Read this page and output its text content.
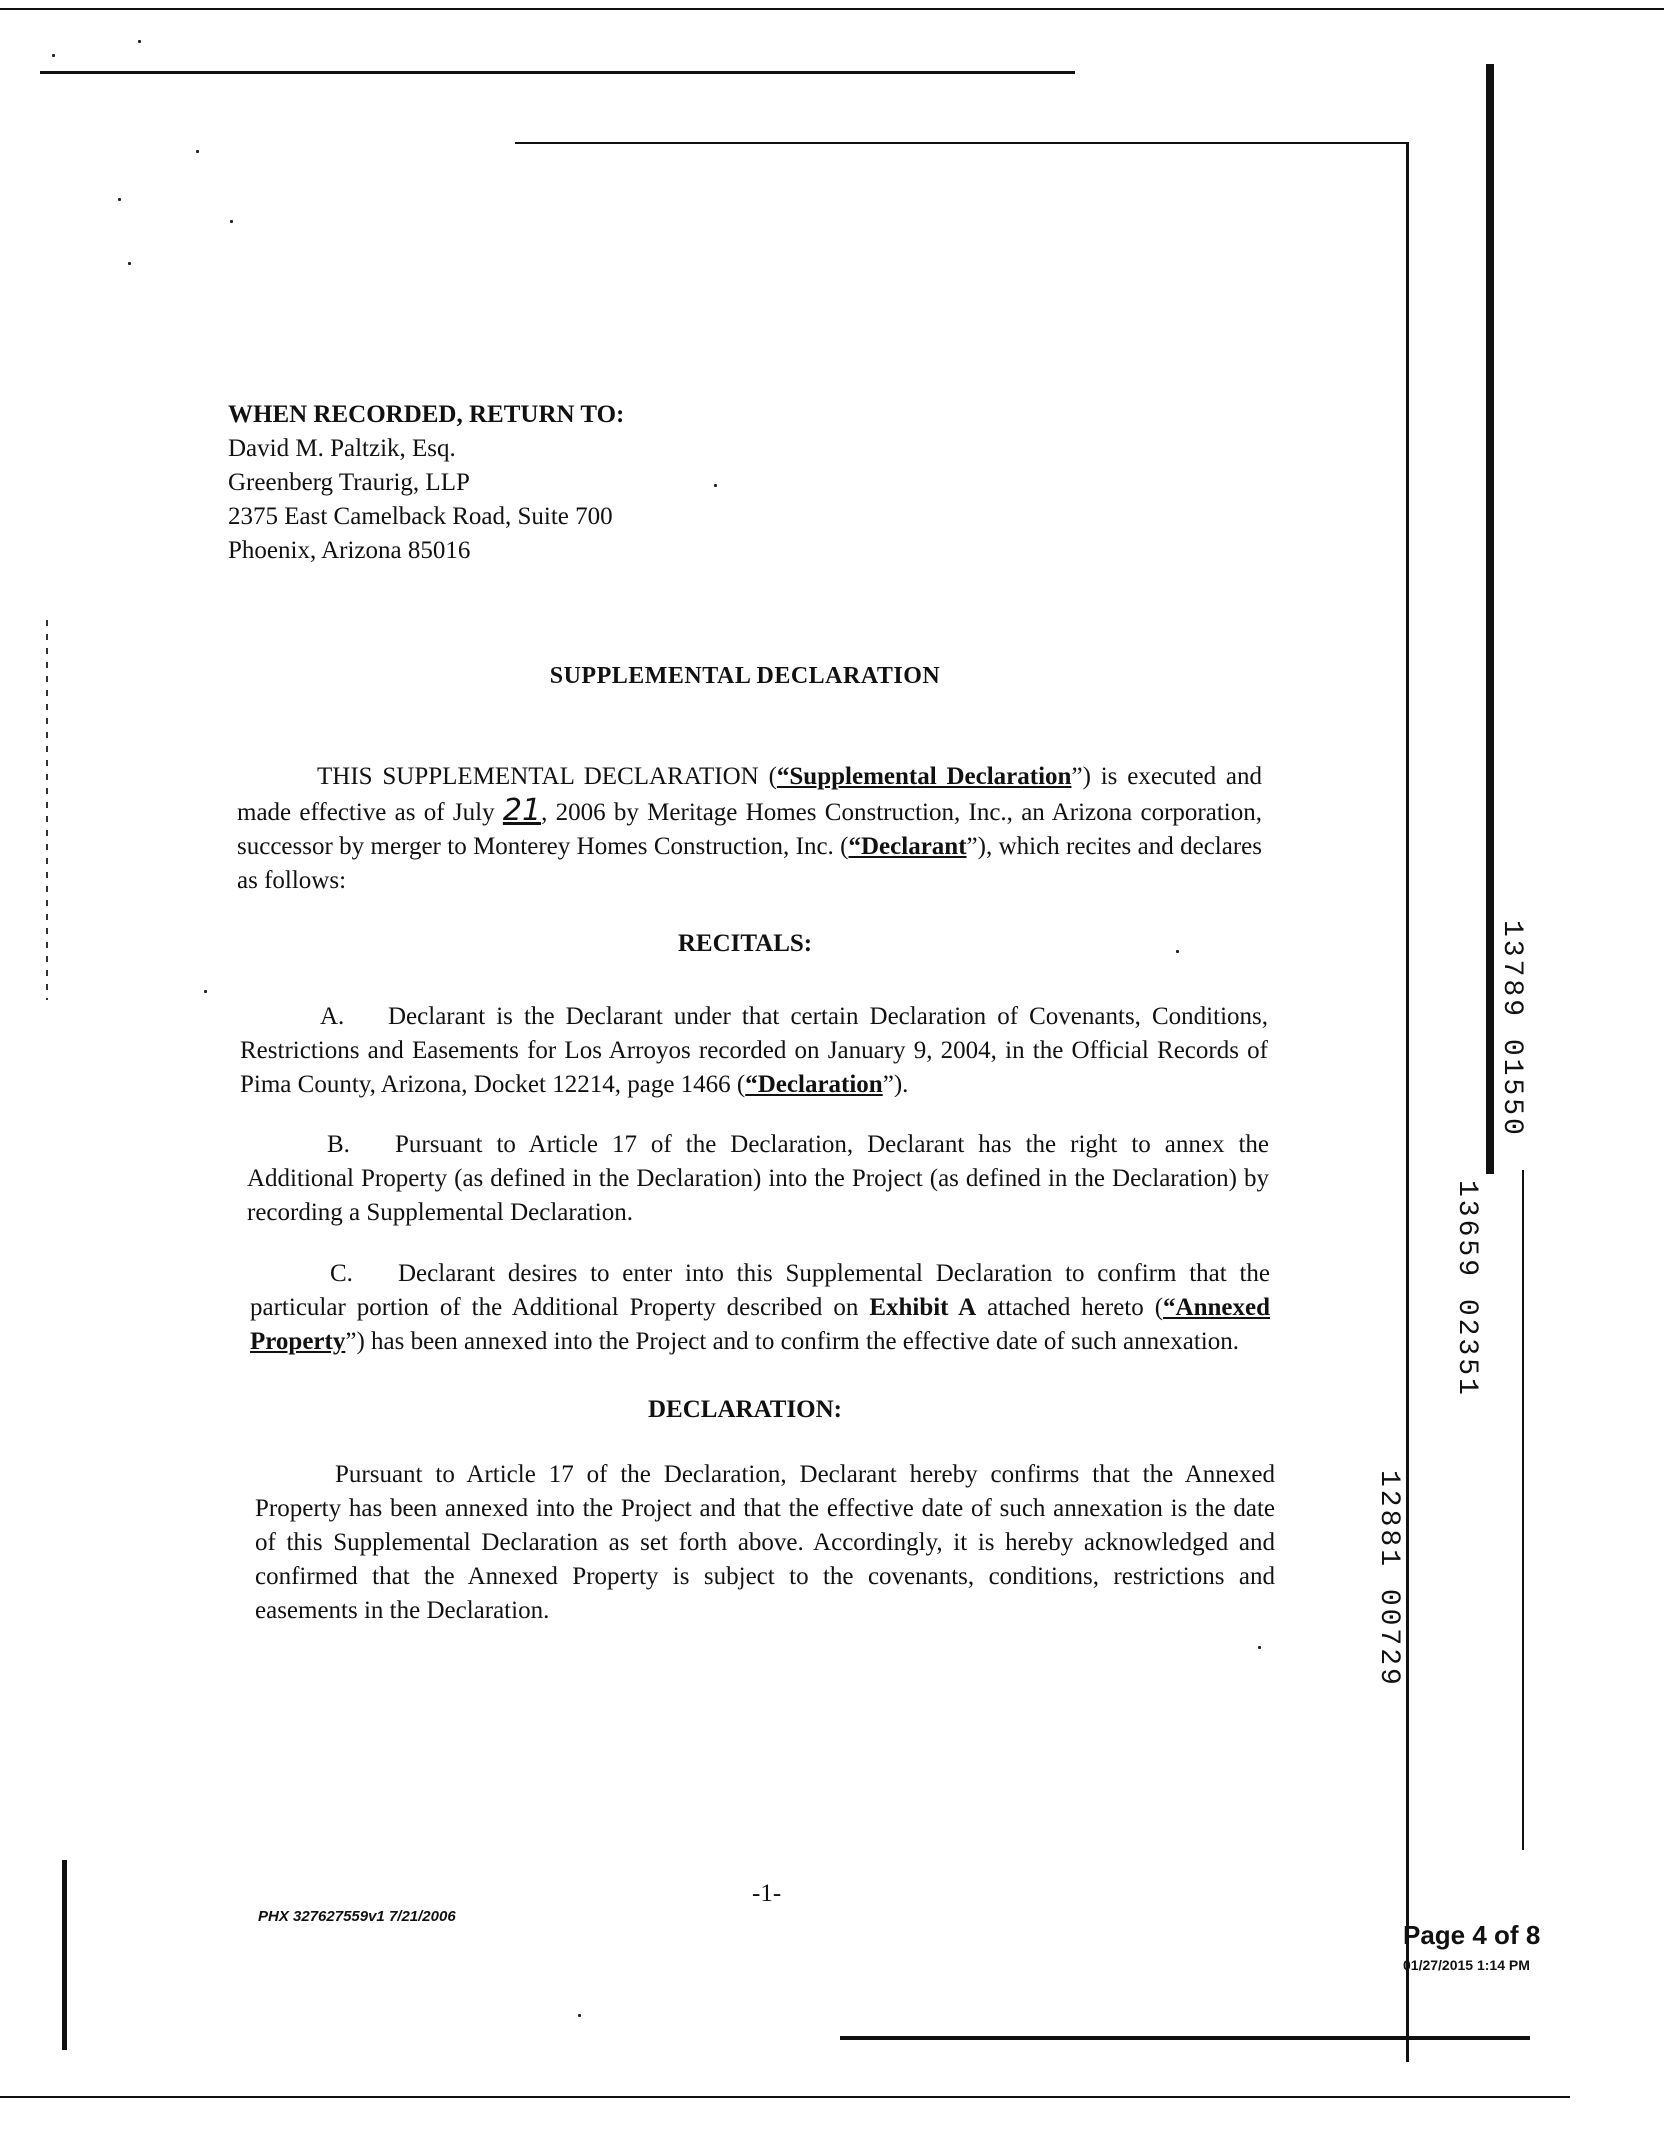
WHEN RECORDED, RETURN TO:
David M. Paltzik, Esq.
Greenberg Traurig, LLP
2375 East Camelback Road, Suite 700
Phoenix, Arizona 85016
SUPPLEMENTAL DECLARATION
THIS SUPPLEMENTAL DECLARATION (“Supplemental Declaration”) is executed and made effective as of July 21, 2006 by Meritage Homes Construction, Inc., an Arizona corporation, successor by merger to Monterey Homes Construction, Inc. (“Declarant”), which recites and declares as follows:
RECITALS:
A. Declarant is the Declarant under that certain Declaration of Covenants, Conditions, Restrictions and Easements for Los Arroyos recorded on January 9, 2004, in the Official Records of Pima County, Arizona, Docket 12214, page 1466 (“Declaration”).
B. Pursuant to Article 17 of the Declaration, Declarant has the right to annex the Additional Property (as defined in the Declaration) into the Project (as defined in the Declaration) by recording a Supplemental Declaration.
C. Declarant desires to enter into this Supplemental Declaration to confirm that the particular portion of the Additional Property described on Exhibit A attached hereto (“Annexed Property”) has been annexed into the Project and to confirm the effective date of such annexation.
DECLARATION:
Pursuant to Article 17 of the Declaration, Declarant hereby confirms that the Annexed Property has been annexed into the Project and that the effective date of such annexation is the date of this Supplemental Declaration as set forth above. Accordingly, it is hereby acknowledged and confirmed that the Annexed Property is subject to the covenants, conditions, restrictions and easements in the Declaration.
-1-
PHX 327627559v1 7/21/2006
Page 4 of 8
01/27/2015 1:14 PM
13789 01550
13659 02351
12881 00729
